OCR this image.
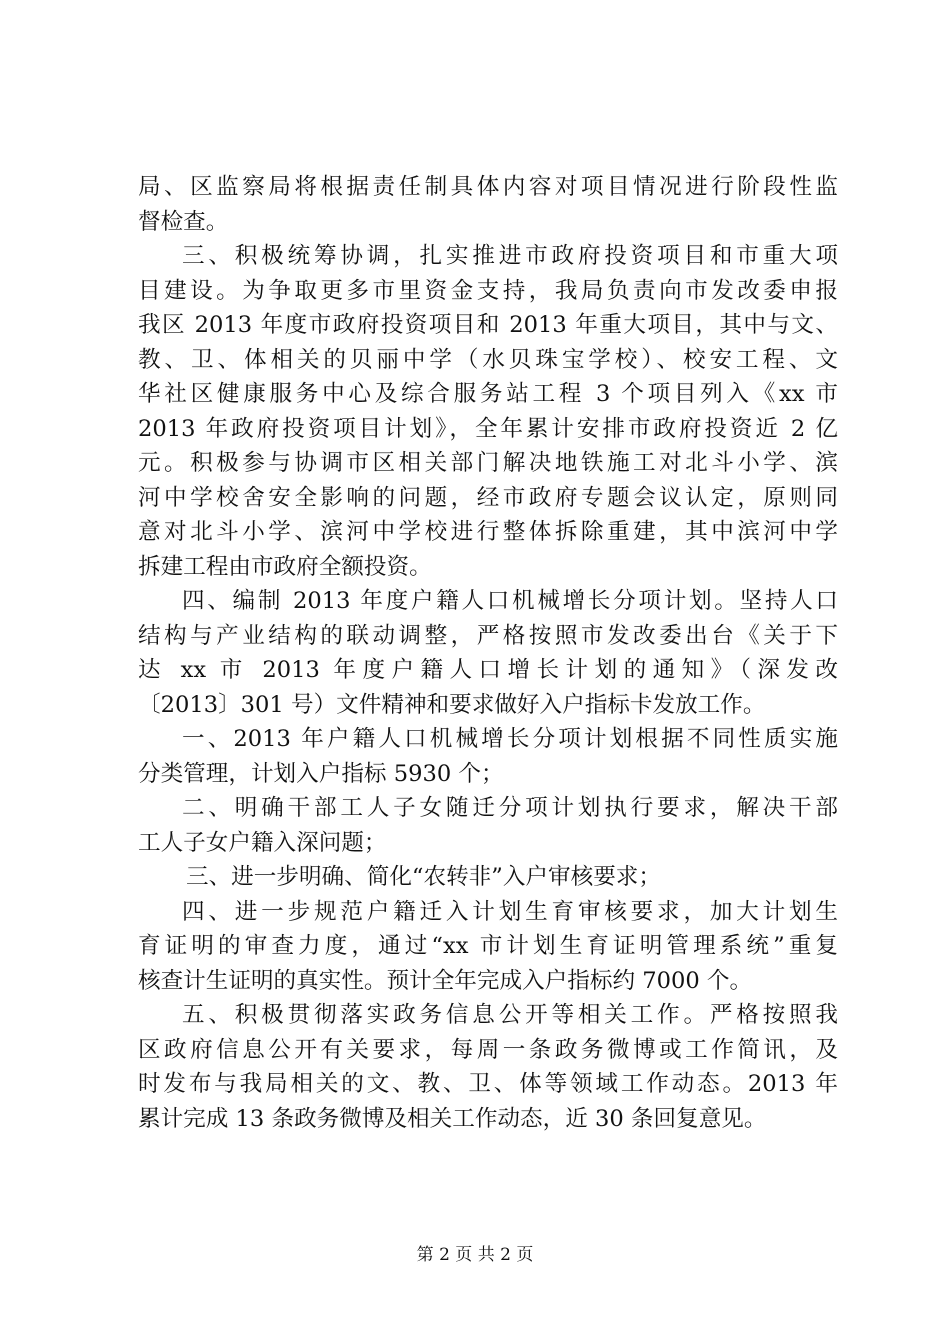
局、区监察局将根据责任制具体内容对项目情况进行阶段性监
督检查。
三、积极统筹协调，扎实推进市政府投资项目和市重大项
目建设。为争取更多市里资金支持，我局负责向市发改委申报
我区 2013 年度市政府投资项目和 2013 年重大项目，其中与文、
教、卫、体相关的贝丽中学（水贝珠宝学校）、校安工程、文
华社区健康服务中心及综合服务站工程 3 个项目列入《xx 市
2013 年政府投资项目计划》，全年累计安排市政府投资近 2 亿
元。积极参与协调市区相关部门解决地铁施工对北斗小学、滨
河中学校舍安全影响的问题，经市政府专题会议认定，原则同
意对北斗小学、滨河中学校进行整体拆除重建，其中滨河中学
拆建工程由市政府全额投资。
四、编制 2013 年度户籍人口机械增长分项计划。坚持人口
结构与产业结构的联动调整，严格按照市发改委出台《关于下
达 xx 市 2013 年度户籍人口增长计划的通知》（深发改
〔2013〕301 号）文件精神和要求做好入户指标卡发放工作。
一、2013 年户籍人口机械增长分项计划根据不同性质实施
分类管理，计划入户指标 5930 个；
二、明确干部工人子女随迁分项计划执行要求，解决干部
工人子女户籍入深问题；
三、进一步明确、简化“农转非”入户审核要求；
四、进一步规范户籍迁入计划生育审核要求，加大计划生
育证明的审查力度，通过“xx 市计划生育证明管理系统”重复
核查计生证明的真实性。预计全年完成入户指标约 7000 个。
五、积极贯彻落实政务信息公开等相关工作。严格按照我
区政府信息公开有关要求，每周一条政务微博或工作简讯，及
时发布与我局相关的文、教、卫、体等领域工作动态。2013 年
累计完成 13 条政务微博及相关工作动态，近 30 条回复意见。
第 2 页 共 2 页
